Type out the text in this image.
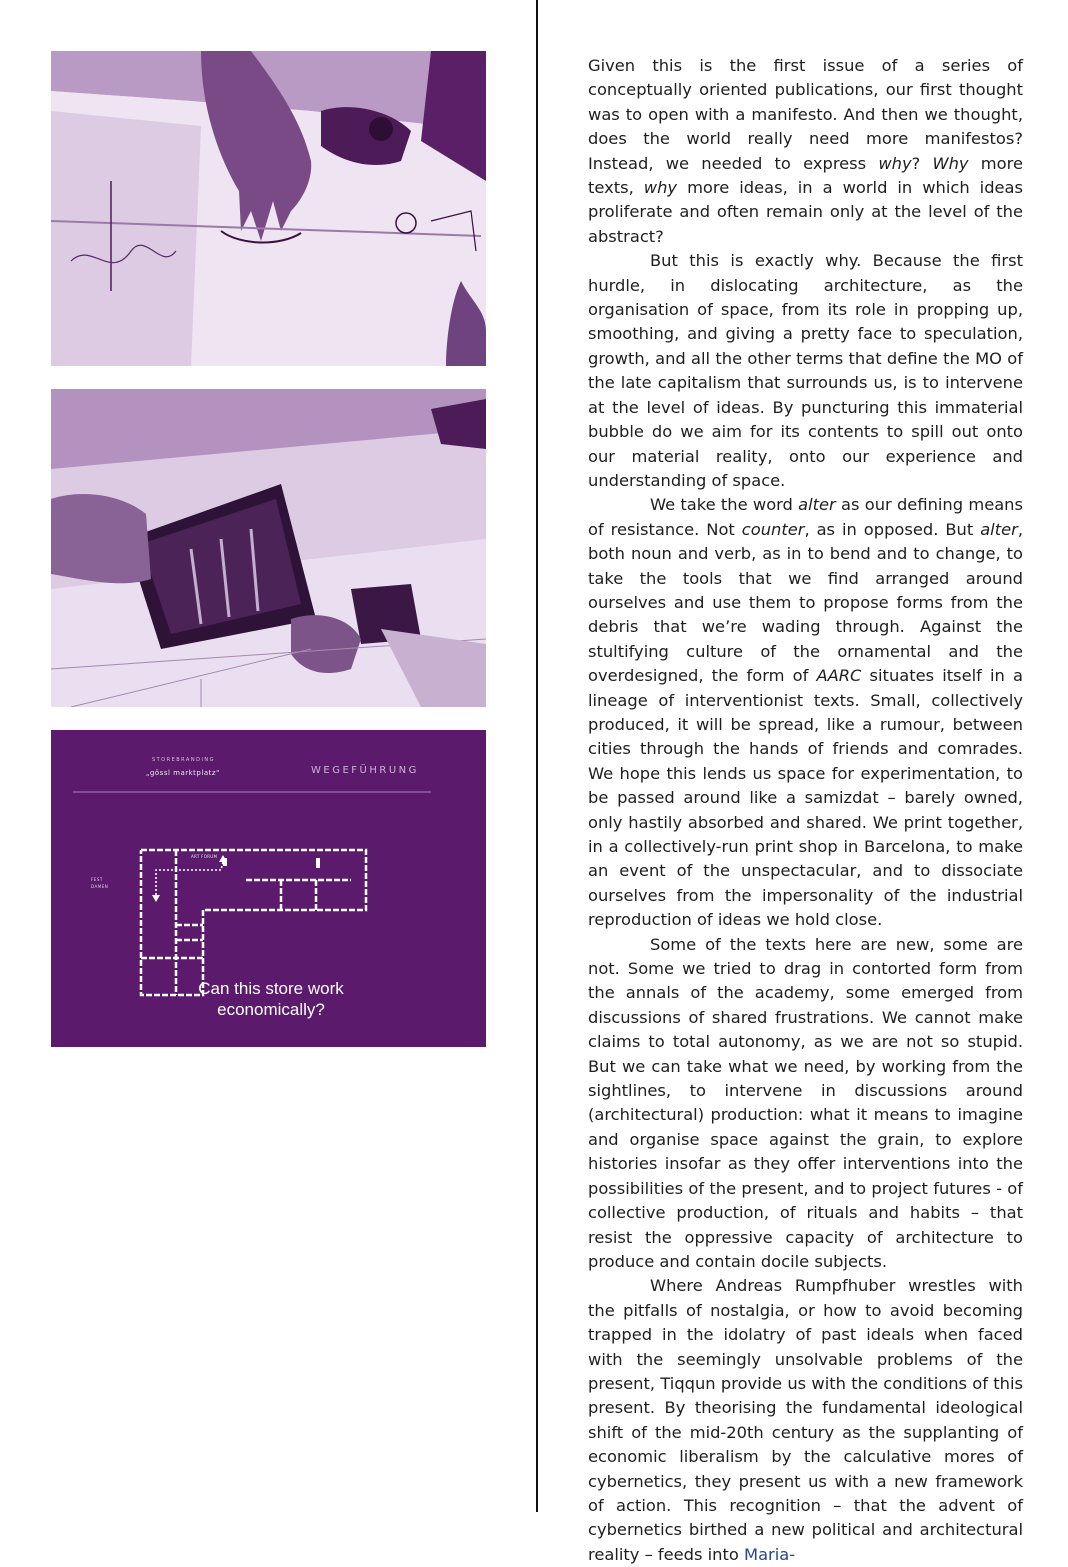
STOREBRANDING
„gössl marktplatz“	WEGEFÜHRUNG
FEST
DAMEN
ART FORUM
Can this store work economically?

Given this is the first issue of a series of conceptually oriented publications, our first thought was to open with a manifesto. And then we thought, does the world really need more manifestos? Instead, we needed to express why? Why more texts, why more ideas, in a world in which ideas proliferate and often remain only at the level of the abstract?

But this is exactly why. Because the first hurdle, in dislocating architecture, as the organisation of space, from its role in propping up, smoothing, and giving a pretty face to speculation, growth, and all the other terms that define the MO of the late capitalism that surrounds us, is to intervene at the level of ideas. By puncturing this immaterial bubble do we aim for its contents to spill out onto our material reality, onto our experience and understanding of space.

We take the word alter as our defining means of resistance. Not counter, as in opposed. But alter, both noun and verb, as in to bend and to change, to take the tools that we find arranged around ourselves and use them to propose forms from the debris that we’re wading through. Against the stultifying culture of the ornamental and the overdesigned, the form of AARC situates itself in a lineage of interventionist texts. Small, collectively produced, it will be spread, like a rumour, between cities through the hands of friends and comrades. We hope this lends us space for experimentation, to be passed around like a samizdat – barely owned, only hastily absorbed and shared. We print together, in a collectively-run print shop in Barcelona, to make an event of the unspectacular, and to dissociate ourselves from the impersonality of the industrial reproduction of ideas we hold close.

Some of the texts here are new, some are not. Some we tried to drag in contorted form from the annals of the academy, some emerged from discussions of shared frustrations. We cannot make claims to total autonomy, as we are not so stupid. But we can take what we need, by working from the sightlines, to intervene in discussions around (architectural) production: what it means to imagine and organise space against the grain, to explore histories insofar as they offer interventions into the possibilities of the present, and to project futures - of collective production, of rituals and habits – that resist the oppressive capacity of architecture to produce and contain docile subjects.

Where Andreas Rumpfhuber wrestles with the pitfalls of nostalgia, or how to avoid becoming trapped in the idolatry of past ideals when faced with the seemingly unsolvable problems of the present, Tiqqun provide us with the conditions of this present. By theorising the fundamental ideological shift of the mid-20th century as the supplanting of economic liberalism by the calculative mores of cybernetics, they present us with a new framework of action. This recognition – that the advent of cybernetics birthed a new political and architectural reality – feeds into Maria-
